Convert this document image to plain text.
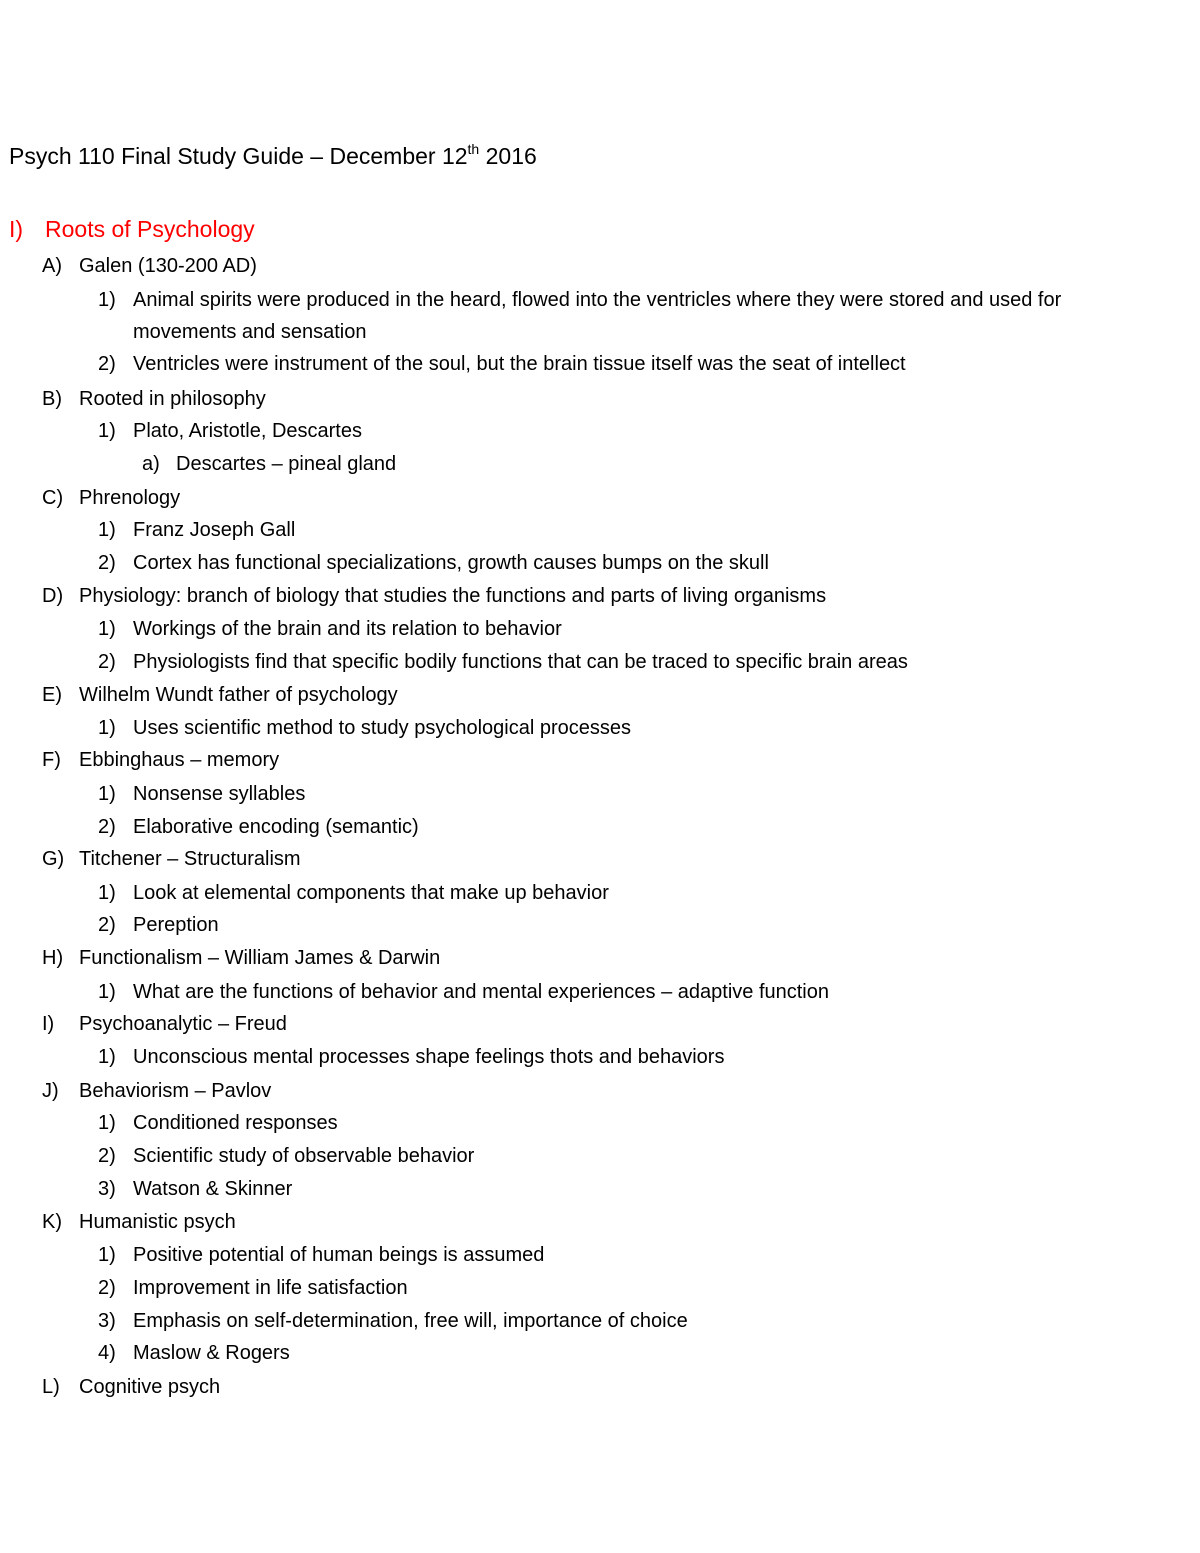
Psych 110 Final Study Guide – December 12th 2016
I) Roots of Psychology
A) Galen (130-200 AD)
1) Animal spirits were produced in the heard, flowed into the ventricles where they were stored and used for
movements and sensation
2) Ventricles were instrument of the soul, but the brain tissue itself was the seat of intellect
B) Rooted in philosophy
1) Plato, Aristotle, Descartes
a) Descartes – pineal gland
C) Phrenology
1) Franz Joseph Gall
2) Cortex has functional specializations, growth causes bumps on the skull
D) Physiology: branch of biology that studies the functions and parts of living organisms
1) Workings of the brain and its relation to behavior
2) Physiologists find that specific bodily functions that can be traced to specific brain areas
E) Wilhelm Wundt father of psychology
1) Uses scientific method to study psychological processes
F) Ebbinghaus – memory
1) Nonsense syllables
2) Elaborative encoding (semantic)
G) Titchener – Structuralism
1) Look at elemental components that make up behavior
2) Pereption
H) Functionalism – William James & Darwin
1) What are the functions of behavior and mental experiences – adaptive function
I) Psychoanalytic – Freud
1) Unconscious mental processes shape feelings thots and behaviors
J) Behaviorism – Pavlov
1) Conditioned responses
2) Scientific study of observable behavior
3) Watson & Skinner
K) Humanistic psych
1) Positive potential of human beings is assumed
2) Improvement in life satisfaction
3) Emphasis on self-determination, free will, importance of choice
4) Maslow & Rogers
L) Cognitive psych
